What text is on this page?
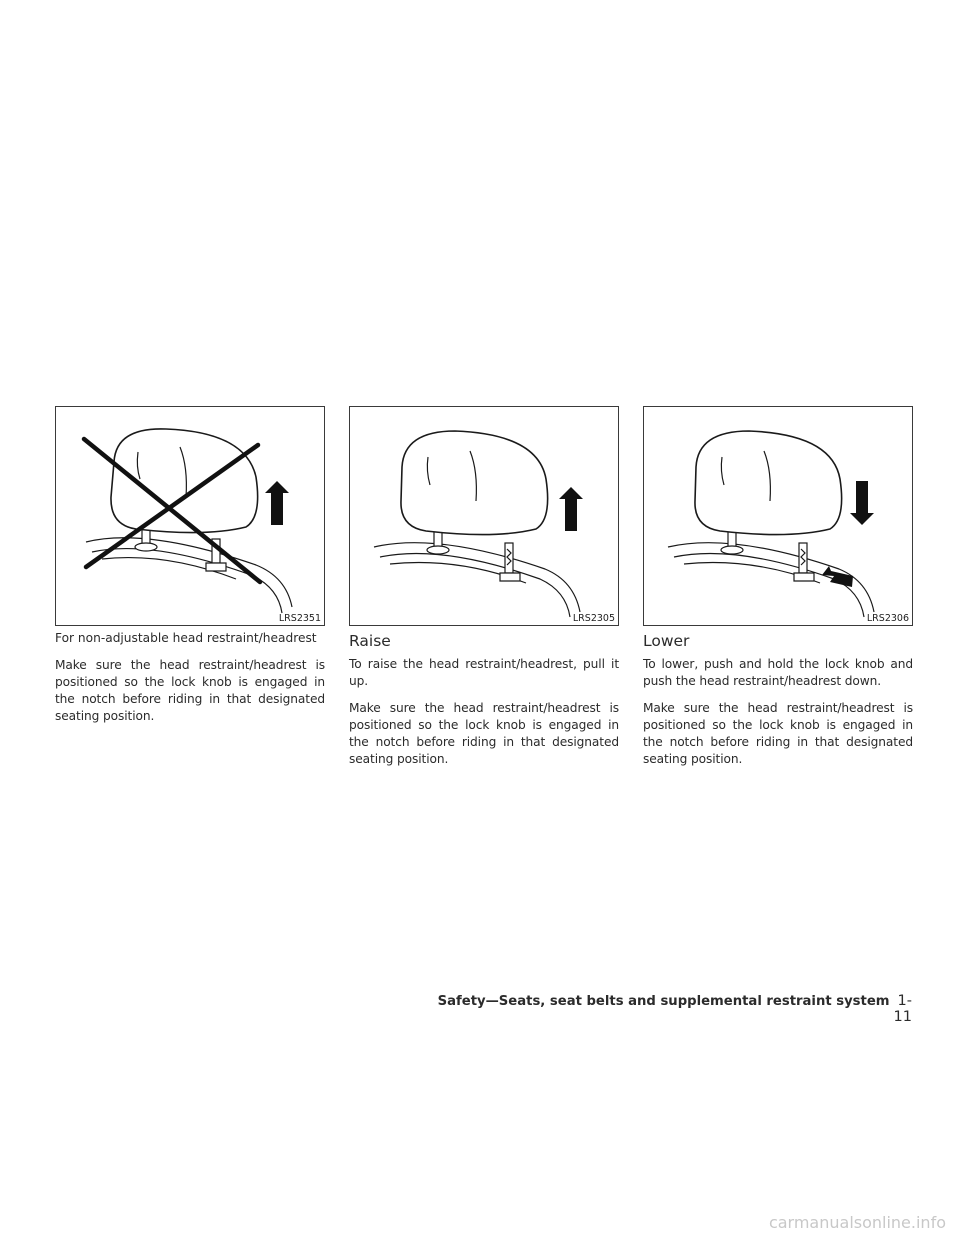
LRS2351	LRS2305	LRS2306
For non-adjustable head restraint/headrest

Make sure the head restraint/headrest is positioned so the lock knob is engaged in the notch before riding in that designated seating position.

Raise

To raise the head restraint/headrest, pull it up.

Make sure the head restraint/headrest is positioned so the lock knob is engaged in the notch before riding in that designated seating position.

Lower

To lower, push and hold the lock knob and push the head restraint/headrest down.

Make sure the head restraint/headrest is positioned so the lock knob is engaged in the notch before riding in that designated seating position.

Safety—Seats, seat belts and supplemental restraint system 1-11
carmanualsonline.info
